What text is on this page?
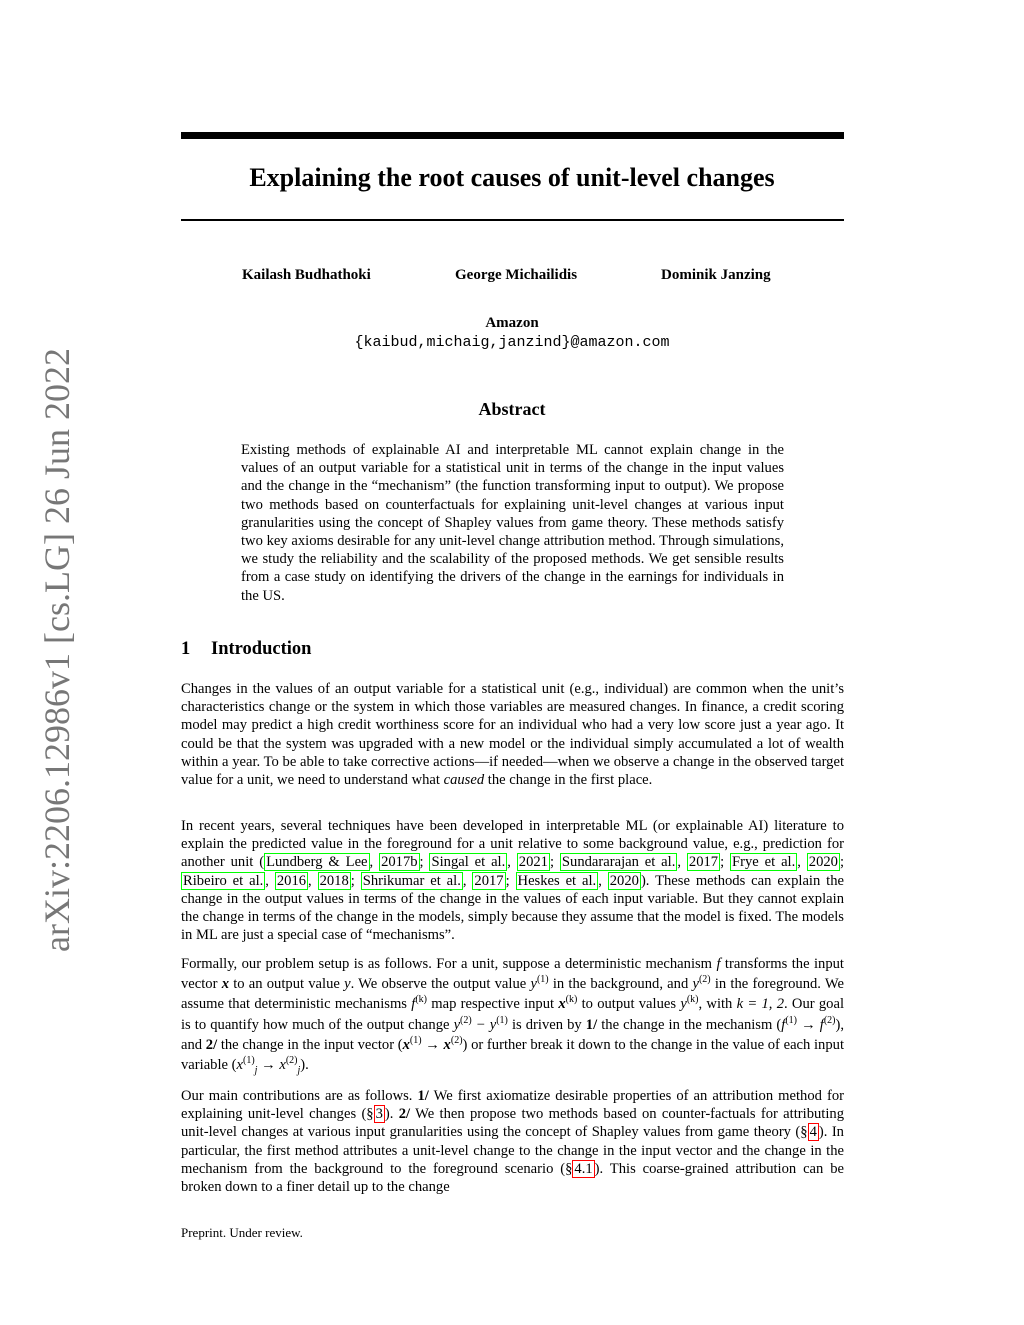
arXiv:2206.12986v1 [cs.LG] 26 Jun 2022
Explaining the root causes of unit-level changes
Kailash Budhathoki	George Michailidis	Dominik Janzing
Amazon
{kaibud,michaig,janzind}@amazon.com
Abstract
Existing methods of explainable AI and interpretable ML cannot explain change in the values of an output variable for a statistical unit in terms of the change in the input values and the change in the “mechanism” (the function transforming input to output). We propose two methods based on counterfactuals for explaining unit-level changes at various input granularities using the concept of Shapley values from game theory. These methods satisfy two key axioms desirable for any unit-level change attribution method. Through simulations, we study the reliability and the scalability of the proposed methods. We get sensible results from a case study on identifying the drivers of the change in the earnings for individuals in the US.
1 Introduction
Changes in the values of an output variable for a statistical unit (e.g., individual) are common when the unit’s characteristics change or the system in which those variables are measured changes. In finance, a credit scoring model may predict a high credit worthiness score for an individual who had a very low score just a year ago. It could be that the system was upgraded with a new model or the individual simply accumulated a lot of wealth within a year. To be able to take corrective actions—if needed—when we observe a change in the observed target value for a unit, we need to understand what caused the change in the first place.
In recent years, several techniques have been developed in interpretable ML (or explainable AI) literature to explain the predicted value in the foreground for a unit relative to some background value, e.g., prediction for another unit ( Lundberg & Lee , 2017b ; Singal et al. , 2021 ; Sundararajan et al. , 2017 ; Frye et al. , 2020 ; Ribeiro et al. , 2016 , 2018 ; Shrikumar et al. , 2017 ; Heskes et al. , 2020 ). These methods can explain the change in the output values in terms of the change in the values of each input variable. But they cannot explain the change in terms of the change in the models, simply because they assume that the model is fixed. The models in ML are just a special case of “mechanisms”.
Formally, our problem setup is as follows. For a unit, suppose a deterministic mechanism f transforms the input vector x to an output value y. We observe the output value $y^{(1)}$ in the background, and $y^{(2)}$ in the foreground. We assume that deterministic mechanisms $f^{(k)}$ map respective input $x^{(k)}$ to output values $y^{(k)}$, with k = 1, 2. Our goal is to quantify how much of the output change $y^{(2)} - y^{(1)}$ is driven by 1/ the change in the mechanism $(f^{(1)} \to f^{(2)})$, and 2/ the change in the input vector $(x^{(1)} \to x^{(2)})$ or further break it down to the change in the value of each input variable $(x^{(1)}_j \to x^{(2)}_j)$.
Our main contributions are as follows. 1/ We first axiomatize desirable properties of an attribution method for explaining unit-level changes (§ 3 ). 2/ We then propose two methods based on counter-factuals for attributing unit-level changes at various input granularities using the concept of Shapley values from game theory (§ 4 ). In particular, the first method attributes a unit-level change to the change in the input vector and the change in the mechanism from the background to the foreground scenario (§ 4.1 ). This coarse-grained attribution can be broken down to a finer detail up to the change
Preprint. Under review.
